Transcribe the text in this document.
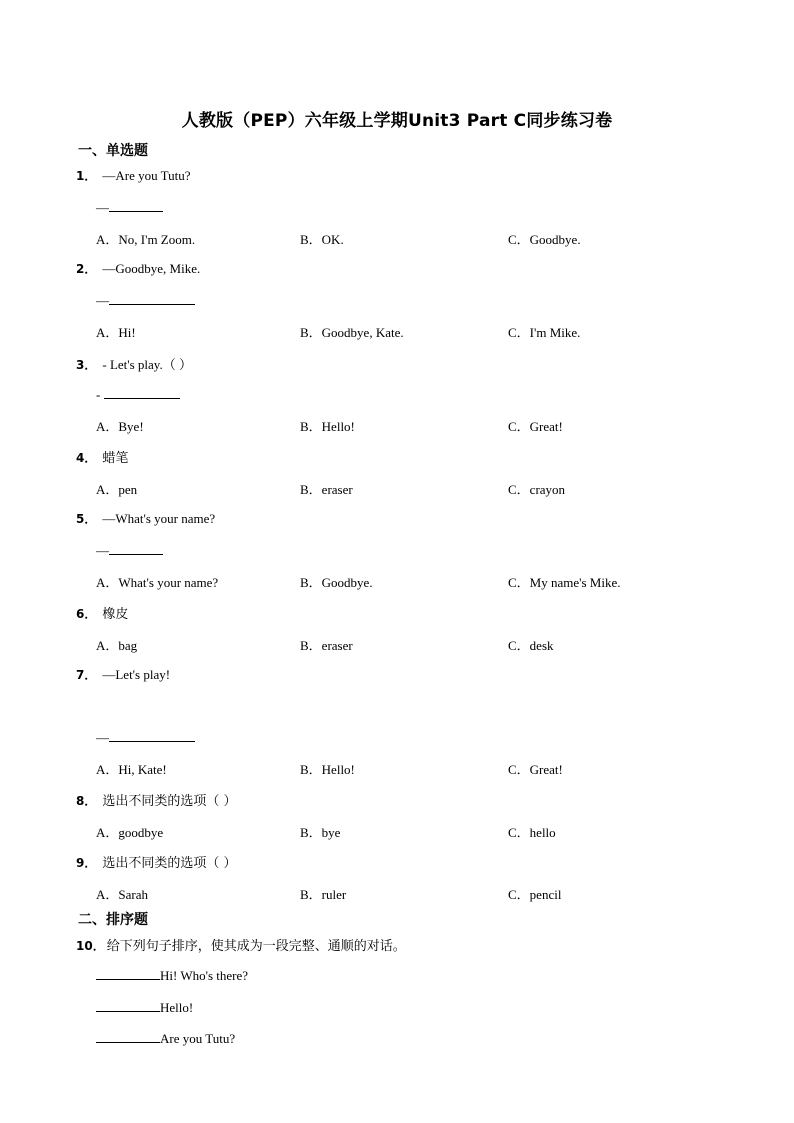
人教版（PEP）六年级上学期Unit3 Part C同步练习卷
一、单选题
1． —Are you Tutu?
—
A．No, I'm Zoom.	B．OK.	C．Goodbye.
2． —Goodbye, Mike.
—
A．Hi!	B．Goodbye, Kate.	C．I'm Mike.
3． - Let's play.（ ）
-
A．Bye!	B．Hello!	C．Great!
4． 蜡笔
A．pen	B．eraser	C．crayon
5． —What's your name?
—
A．What's your name?	B．Goodbye.	C．My name's Mike.
6． 橡皮
A．bag	B．eraser	C．desk
7． —Let's play!
—
A．Hi, Kate!	B．Hello!	C．Great!
8． 选出不同类的选项（ ）
A．goodbye	B．bye	C．hello
9． 选出不同类的选项（ ）
A．Sarah	B．ruler	C．pencil
二、排序题
10． 给下列句子排序，使其成为一段完整、通顺的对话。
Hi! Who's there?
Hello!
Are you Tutu?
